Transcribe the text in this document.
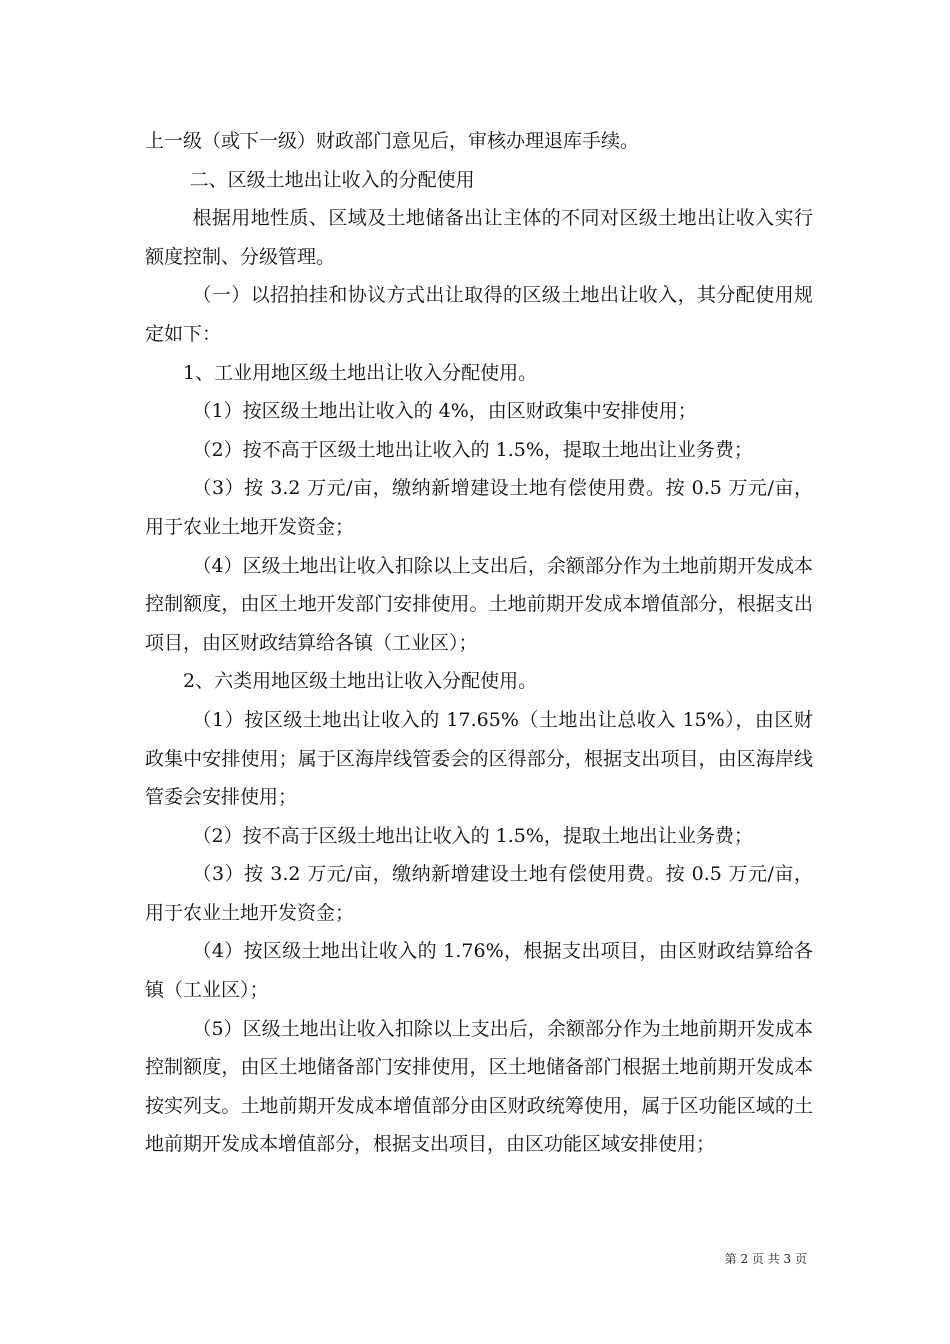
上一级（或下一级）财政部门意见后，审核办理退库手续。

二、区级土地出让收入的分配使用

根据用地性质、区域及土地储备出让主体的不同对区级土地出让收入实行额度控制、分级管理。

（一）以招拍挂和协议方式出让取得的区级土地出让收入，其分配使用规定如下：

1、工业用地区级土地出让收入分配使用。

（1）按区级土地出让收入的 4%，由区财政集中安排使用；

（2）按不高于区级土地出让收入的 1.5%，提取土地出让业务费；

（3）按 3.2 万元/亩，缴纳新增建设土地有偿使用费。按 0.5 万元/亩，用于农业土地开发资金；

（4）区级土地出让收入扣除以上支出后，余额部分作为土地前期开发成本控制额度，由区土地开发部门安排使用。土地前期开发成本增值部分，根据支出项目，由区财政结算给各镇（工业区）；

2、六类用地区级土地出让收入分配使用。

（1）按区级土地出让收入的 17.65%（土地出让总收入 15%），由区财政集中安排使用；属于区海岸线管委会的区得部分，根据支出项目，由区海岸线管委会安排使用；

（2）按不高于区级土地出让收入的 1.5%，提取土地出让业务费；

（3）按 3.2 万元/亩，缴纳新增建设土地有偿使用费。按 0.5 万元/亩，用于农业土地开发资金；

（4）按区级土地出让收入的 1.76%，根据支出项目，由区财政结算给各镇（工业区）；

（5）区级土地出让收入扣除以上支出后，余额部分作为土地前期开发成本控制额度，由区土地储备部门安排使用，区土地储备部门根据土地前期开发成本按实列支。土地前期开发成本增值部分由区财政统筹使用，属于区功能区域的土地前期开发成本增值部分，根据支出项目，由区功能区域安排使用；

第 2 页 共 3 页
